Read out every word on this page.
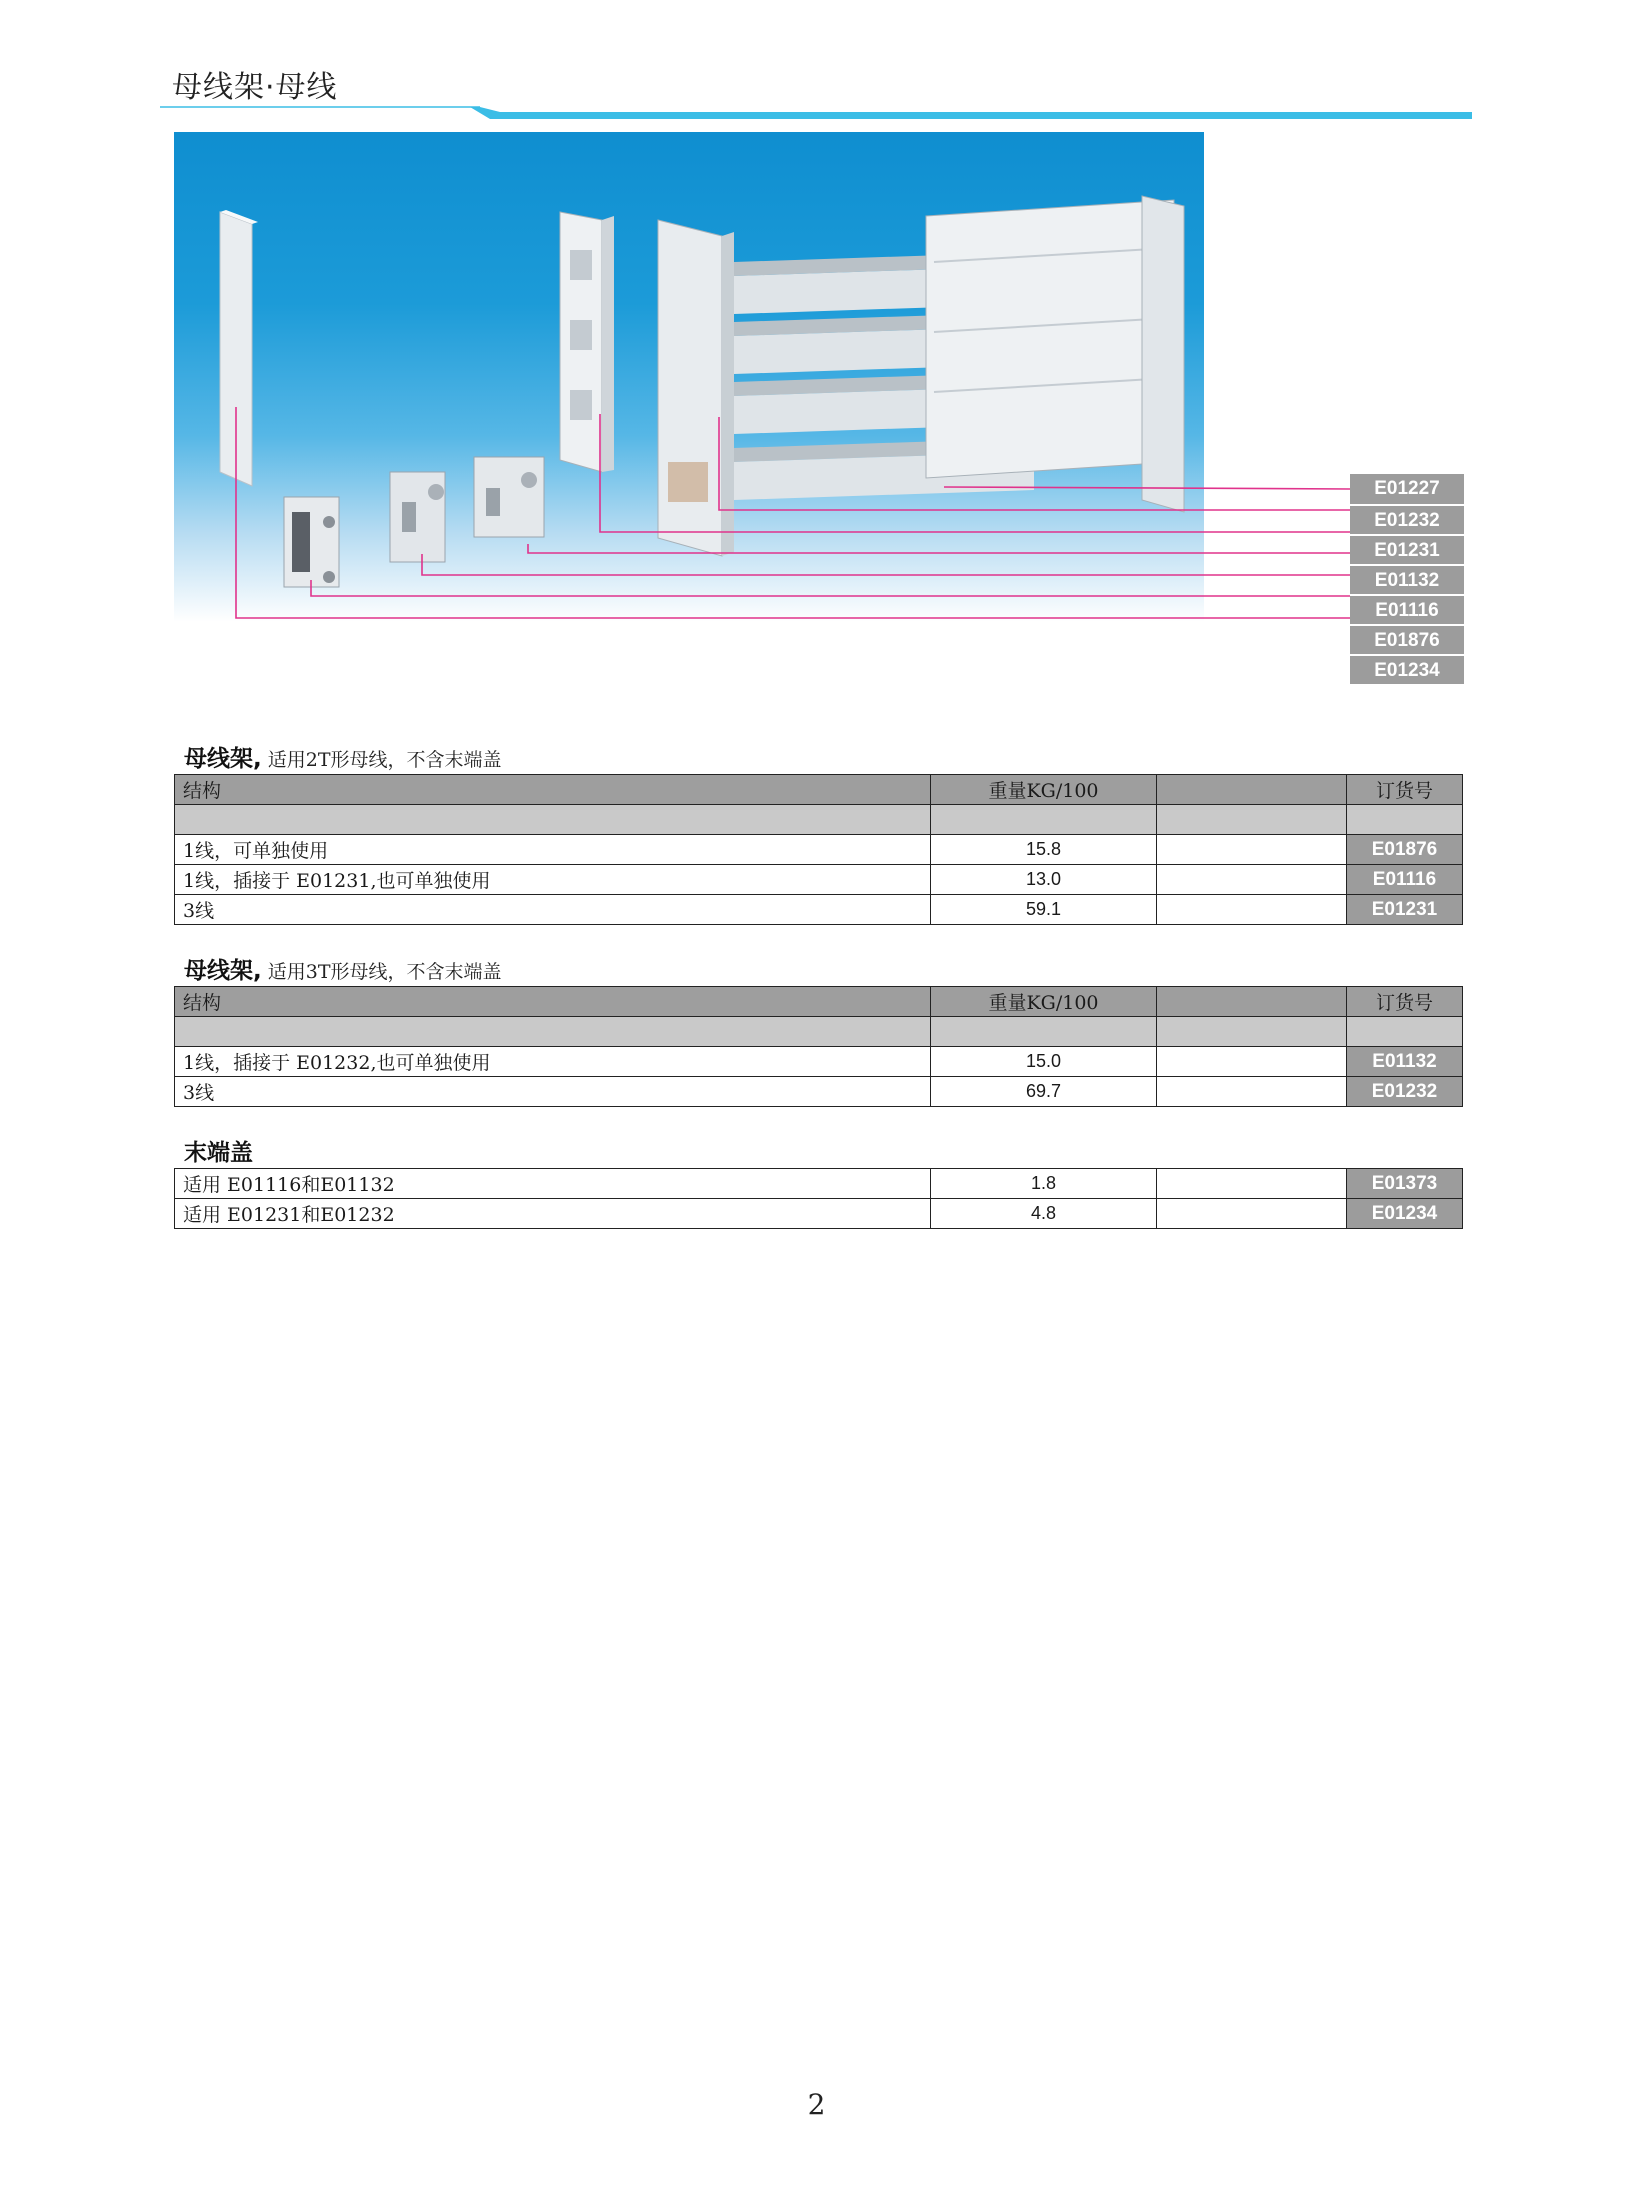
母线架·母线
E01227
E01232
E01231
E01132
E01116
E01876
E01234
母线架, 适用2T形母线，不含末端盖
结构	重量KG/100		订货号

1线，可单独使用	15.8		E01876
1线，插接于 E01231,也可单独使用	13.0		E01116
3线	59.1		E01231
母线架, 适用3T形母线，不含末端盖
结构	重量KG/100		订货号

1线，插接于 E01232,也可单独使用	15.0		E01132
3线	69.7		E01232
末端盖
适用 E01116和E01132	1.8		E01373
适用 E01231和E01232	4.8		E01234
2
